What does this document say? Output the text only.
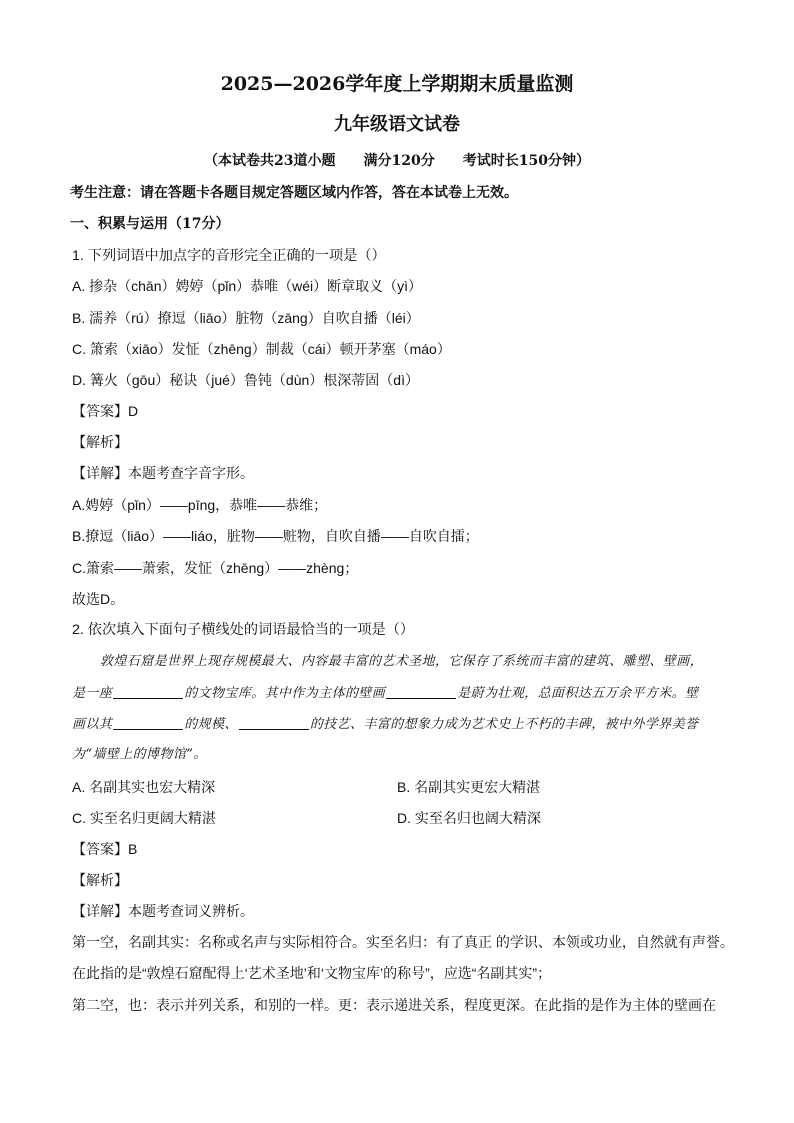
2025—2026学年度上学期期末质量监测
九年级语文试卷
（本试卷共23道小题　　满分120分　　考试时长150分钟）
考生注意：请在答题卡各题目规定答题区域内作答，答在本试卷上无效。
一、积累与运用（17分）
1. 下列词语中加点字的音形完全正确的一项是（）
A. 掺杂（chān）娉婷（pǐn）恭唯（wéi）断章取义（yì）
B. 濡养（rú）撩逗（liāo）脏物（zāng）自吹自播（léi）
C. 箫索（xiāo）发怔（zhēng）制裁（cái）顿开茅塞（máo）
D. 篝火（gōu）秘诀（jué）鲁钝（dùn）根深蒂固（dì）
【答案】D
【解析】
【详解】本题考查字音字形。
A.娉婷（pǐn）——pīng，恭唯——恭维；
B.撩逗（liāo）——liáo，脏物——赃物，自吹自播——自吹自擂；
C.箫索——萧索，发怔（zhēng）——zhèng；
故选D。
2. 依次填入下面句子横线处的词语最恰当的一项是（）
敦煌石窟是世界上现存规模最大、内容最丰富的艺术圣地，它保存了系统而丰富的建筑、雕塑、壁画，
是一座	的文物宝库。其中作为主体的壁画	是蔚为壮观，总面积达五万余平方米。壁
画以其	的规模、	的技艺、丰富的想象力成为艺术史上不朽的丰碑，被中外学界美誉
为“墙壁上的博物馆”。
A. 名副其实也宏大精深	B. 名副其实更宏大精湛
C. 实至名归更阔大精湛	D. 实至名归也阔大精深
【答案】B
【解析】
【详解】本题考查词义辨析。
第一空，名副其实：名称或名声与实际相符合。实至名归：有了真正 的学识、本领或功业，自然就有声誉。
在此指的是“敦煌石窟配得上‘艺术圣地’和‘文物宝库’的称号”，应选“名副其实”；
第二空，也：表示并列关系，和别的一样。更：表示递进关系，程度更深。在此指的是作为主体的壁画在
